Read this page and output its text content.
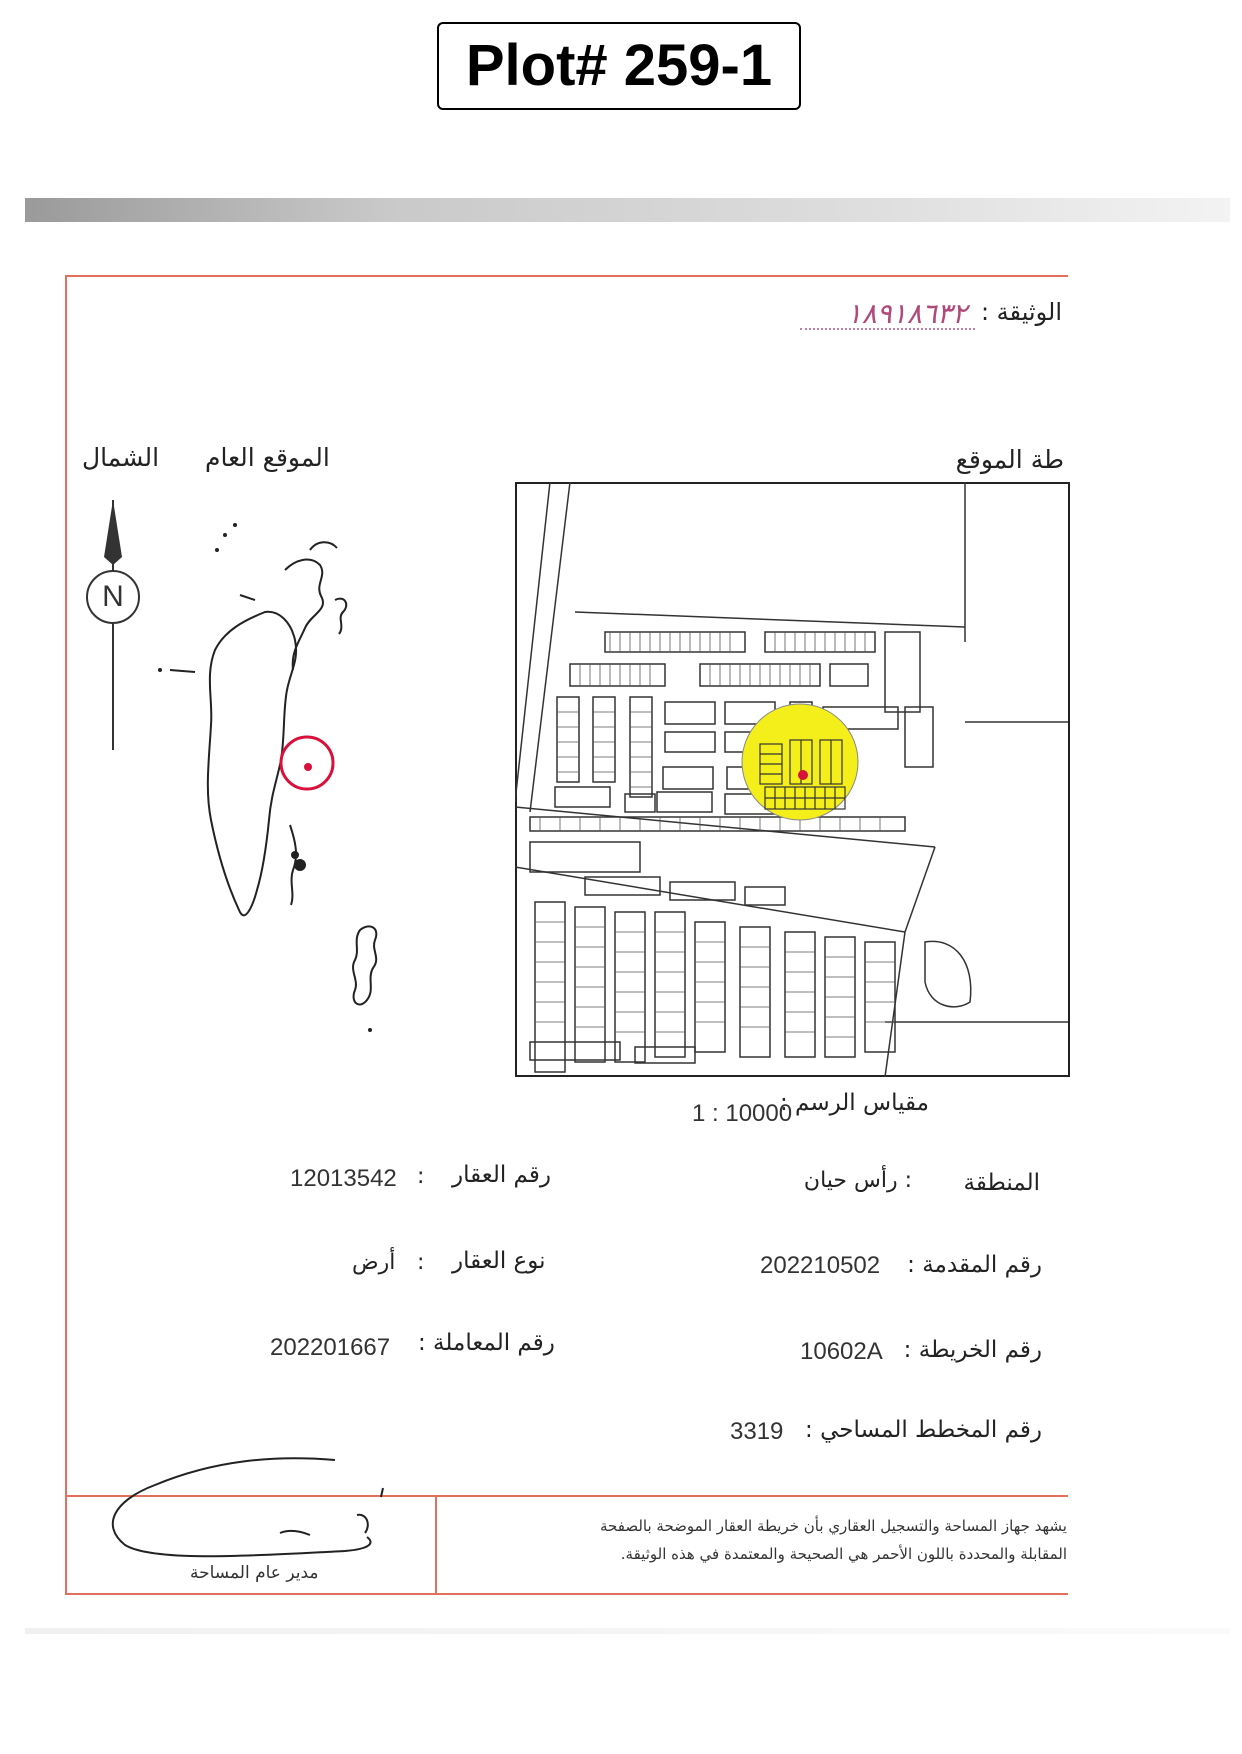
Plot# 259-1
الوثيقة :
١٨٩١٨٦٣٢
طة الموقع
الموقع العام
الشمال
N
مقياس الرسم :
1 : 10000
المنطقة
: رأس حيان
رقم المقدمة :
202210502
رقم الخريطة :
10602A
رقم المخطط المساحي :
3319
رقم العقار
:
12013542
نوع العقار
:
أرض
رقم المعاملة :
202201667
مدير عام المساحة
يشهد جهاز المساحة والتسجيل العقاري بأن خريطة العقار الموضحة بالصفحة
المقابلة والمحددة باللون الأحمر هي الصحيحة والمعتمدة في هذه الوثيقة.
